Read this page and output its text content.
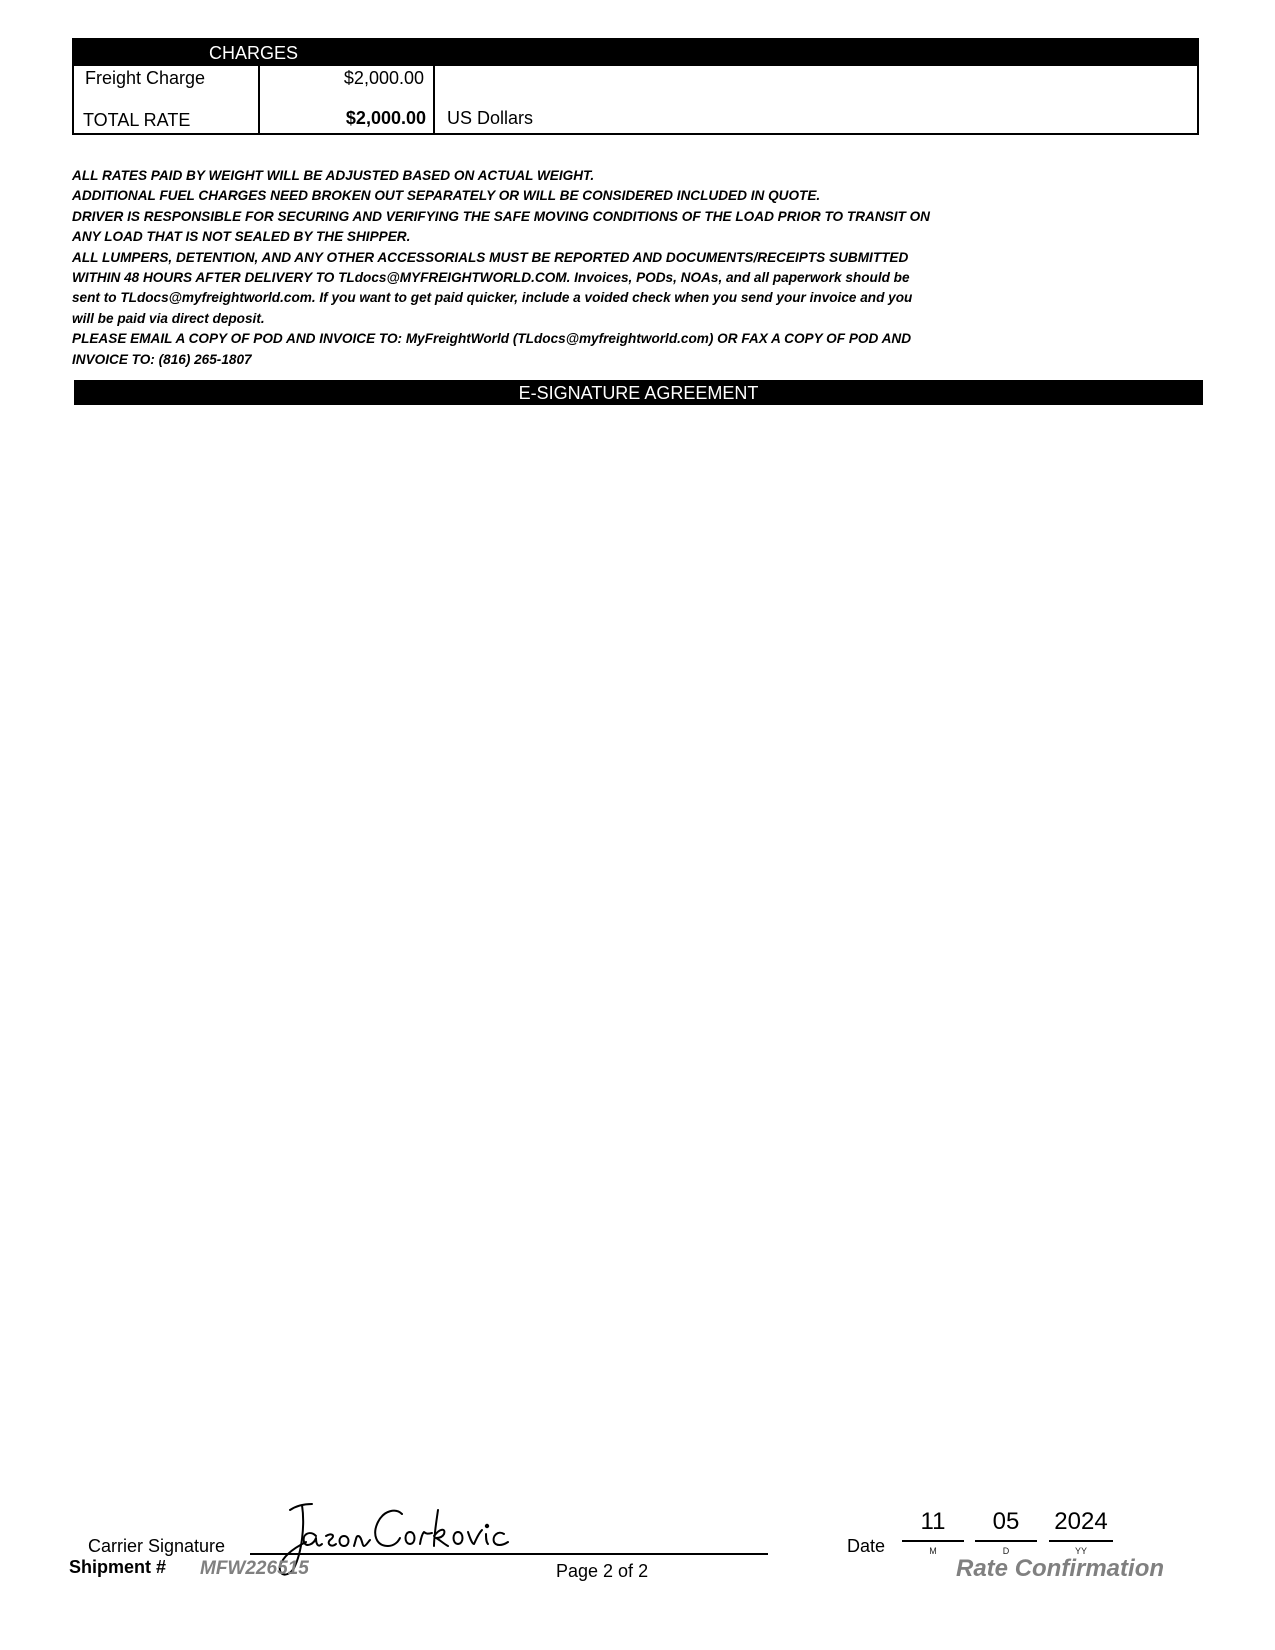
CHARGES
Freight Charge	$2,000.00
TOTAL RATE	$2,000.00 US Dollars

ALL RATES PAID BY WEIGHT WILL BE ADJUSTED BASED ON ACTUAL WEIGHT.

ADDITIONAL FUEL CHARGES NEED BROKEN OUT SEPARATELY OR WILL BE CONSIDERED INCLUDED IN QUOTE.

DRIVER IS RESPONSIBLE FOR SECURING AND VERIFYING THE SAFE MOVING CONDITIONS OF THE LOAD PRIOR TO TRANSIT ON

ANY LOAD THAT IS NOT SEALED BY THE SHIPPER.

ALL LUMPERS, DETENTION, AND ANY OTHER ACCESSORIALS MUST BE REPORTED AND DOCUMENTS/RECEIPTS SUBMITTED

WITHIN 48 HOURS AFTER DELIVERY TO TLdocs@MYFREIGHTWORLD.COM. Invoices, PODs, NOAs, and all paperwork should be

sent to TLdocs@myfreightworld.com. If you want to get paid quicker, include a voided check when you send your invoice and you

will be paid via direct deposit.

PLEASE EMAIL A COPY OF POD AND INVOICE TO: MyFreightWorld (TLdocs@myfreightworld.com) OR FAX A COPY OF POD AND

INVOICE TO: (816) 265-1807

E-SIGNATURE AGREEMENT
Carrier Signature	Date
11
M
05
D
2024
YY
Shipment # MFW226515	Page 2 of 2	Rate Confirmation
